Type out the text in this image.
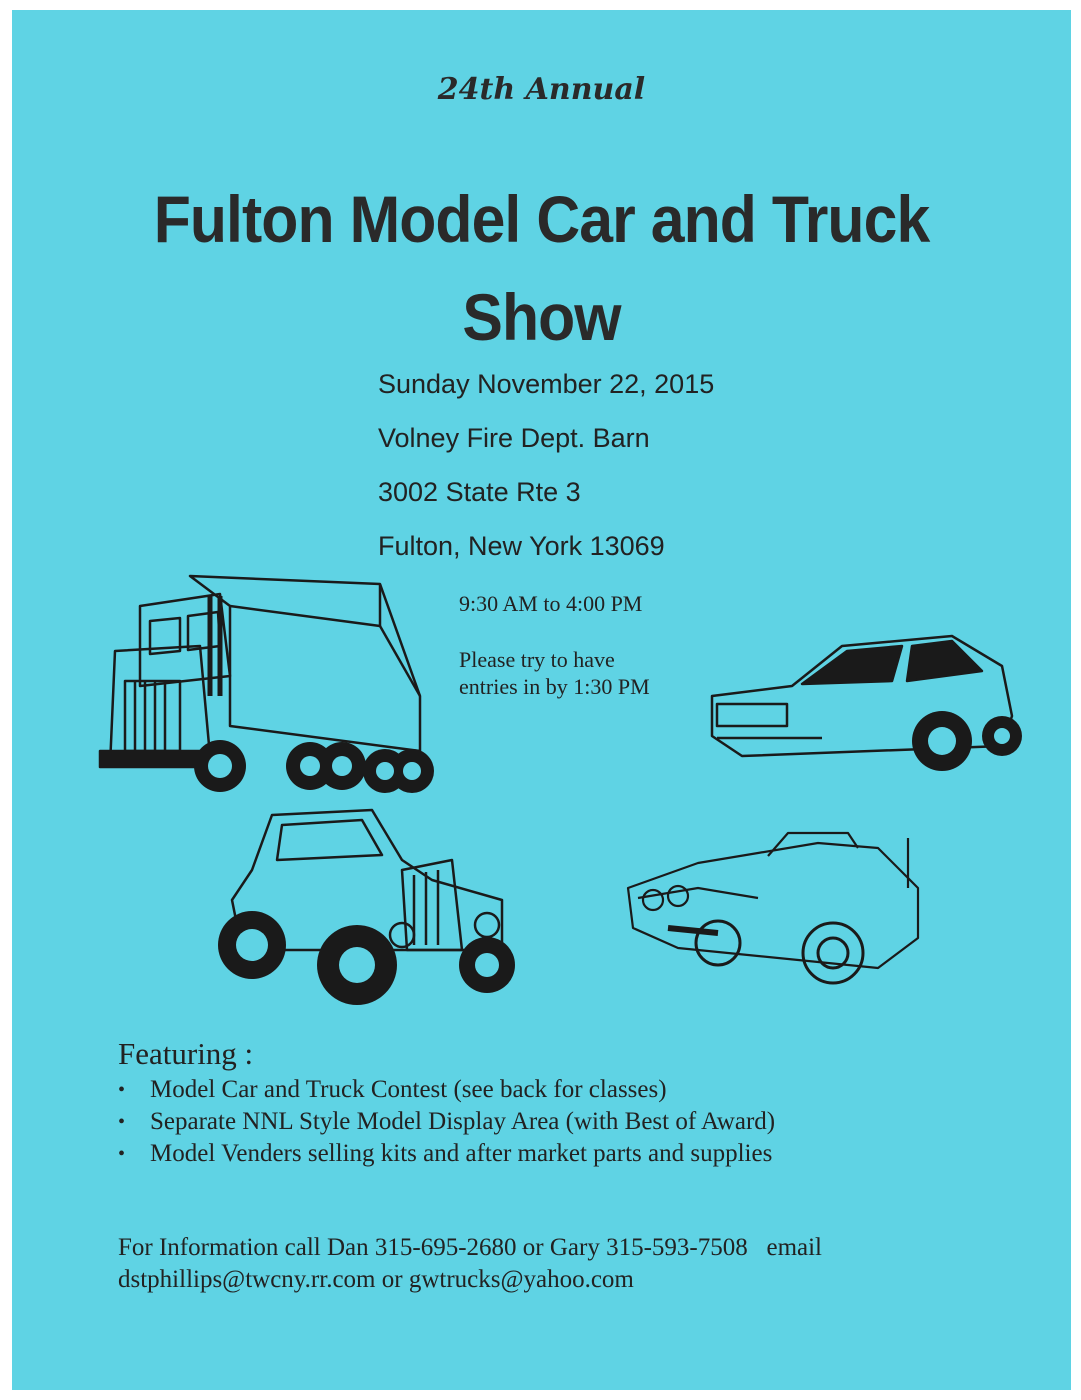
24th Annual
Fulton Model Car and Truck
Show
Sunday November 22, 2015
Volney Fire Dept. Barn
3002 State Rte 3
Fulton, New York 13069
9:30 AM to 4:00 PM
Please try to have
entries in by 1:30 PM
Featuring :
• Model Car and Truck Contest (see back for classes)
• Separate NNL Style Model Display Area (with Best of Award)
• Model Venders selling kits and after market parts and supplies
For Information call Dan 315-695-2680 or Gary 315-593-7508   email
dstphillips@twcny.rr.com or gwtrucks@yahoo.com
